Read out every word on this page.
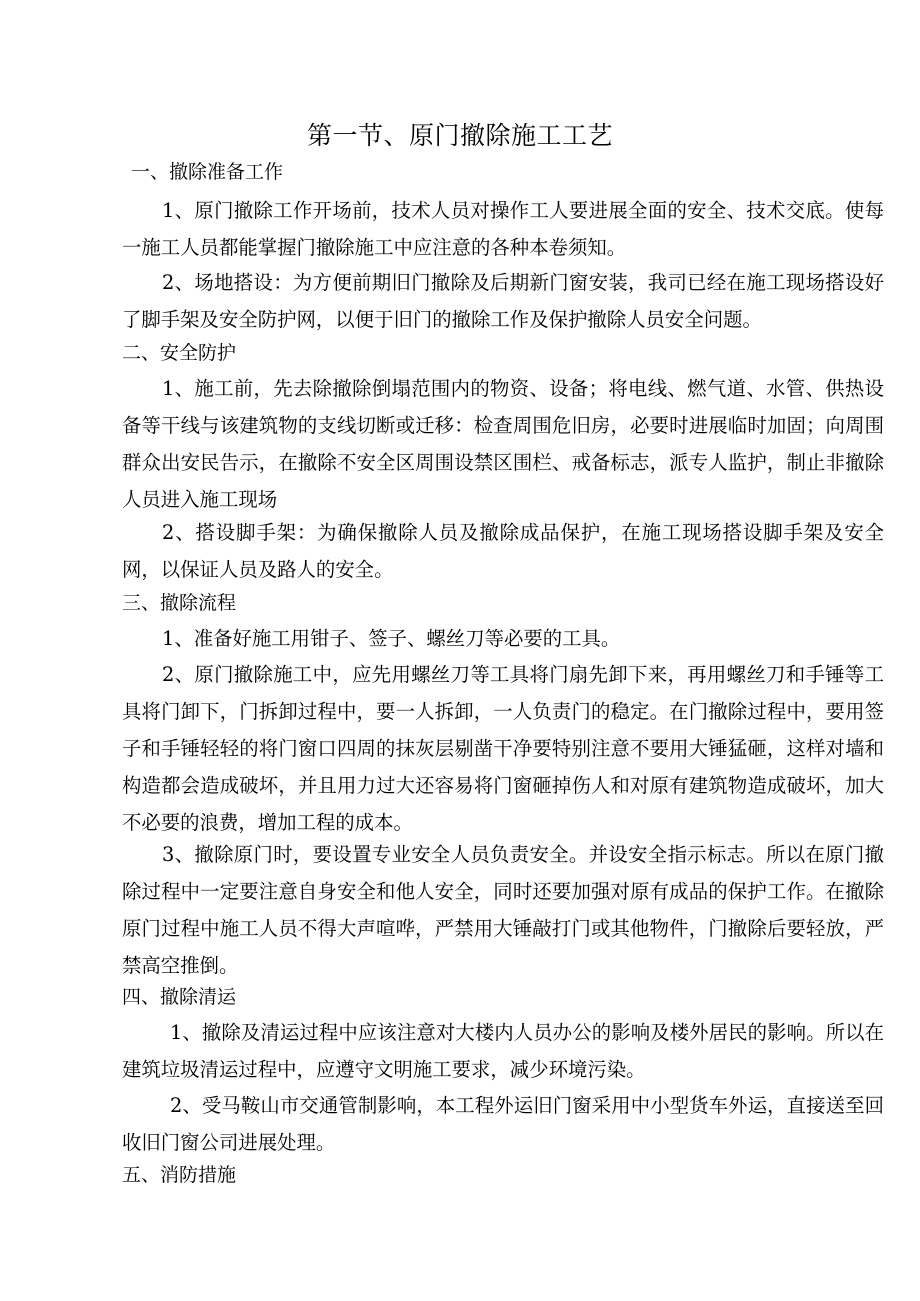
第一节、原门撤除施工工艺
一、撤除准备工作

1、原门撤除工作开场前，技术人员对操作工人要进展全面的安全、技术交底。使每一施工人员都能掌握门撤除施工中应注意的各种本卷须知。

2、场地搭设：为方便前期旧门撤除及后期新门窗安装，我司已经在施工现场搭设好了脚手架及安全防护网，以便于旧门的撤除工作及保护撤除人员安全问题。

二、安全防护

1、施工前，先去除撤除倒塌范围内的物资、设备；将电线、燃气道、水管、供热设备等干线与该建筑物的支线切断或迁移：检查周围危旧房，必要时进展临时加固；向周围群众出安民告示，在撤除不安全区周围设禁区围栏、戒备标志，派专人监护，制止非撤除人员进入施工现场

2、搭设脚手架：为确保撤除人员及撤除成品保护，在施工现场搭设脚手架及安全网，以保证人员及路人的安全。

三、撤除流程

1、准备好施工用钳子、签子、螺丝刀等必要的工具。

2、原门撤除施工中，应先用螺丝刀等工具将门扇先卸下来，再用螺丝刀和手锤等工具将门卸下，门拆卸过程中，要一人拆卸，一人负责门的稳定。在门撤除过程中，要用签子和手锤轻轻的将门窗口四周的抹灰层剔凿干净要特别注意不要用大锤猛砸，这样对墙和构造都会造成破坏，并且用力过大还容易将门窗砸掉伤人和对原有建筑物造成破坏，加大不必要的浪费，增加工程的成本。

3、撤除原门时，要设置专业安全人员负责安全。并设安全指示标志。所以在原门撤除过程中一定要注意自身安全和他人安全，同时还要加强对原有成品的保护工作。在撤除原门过程中施工人员不得大声喧哗，严禁用大锤敲打门或其他物件，门撤除后要轻放，严禁高空推倒。

四、撤除清运

1、撤除及清运过程中应该注意对大楼内人员办公的影响及楼外居民的影响。所以在建筑垃圾清运过程中，应遵守文明施工要求，减少环境污染。

2、受马鞍山市交通管制影响，本工程外运旧门窗采用中小型货车外运，直接送至回收旧门窗公司进展处理。

五、消防措施
